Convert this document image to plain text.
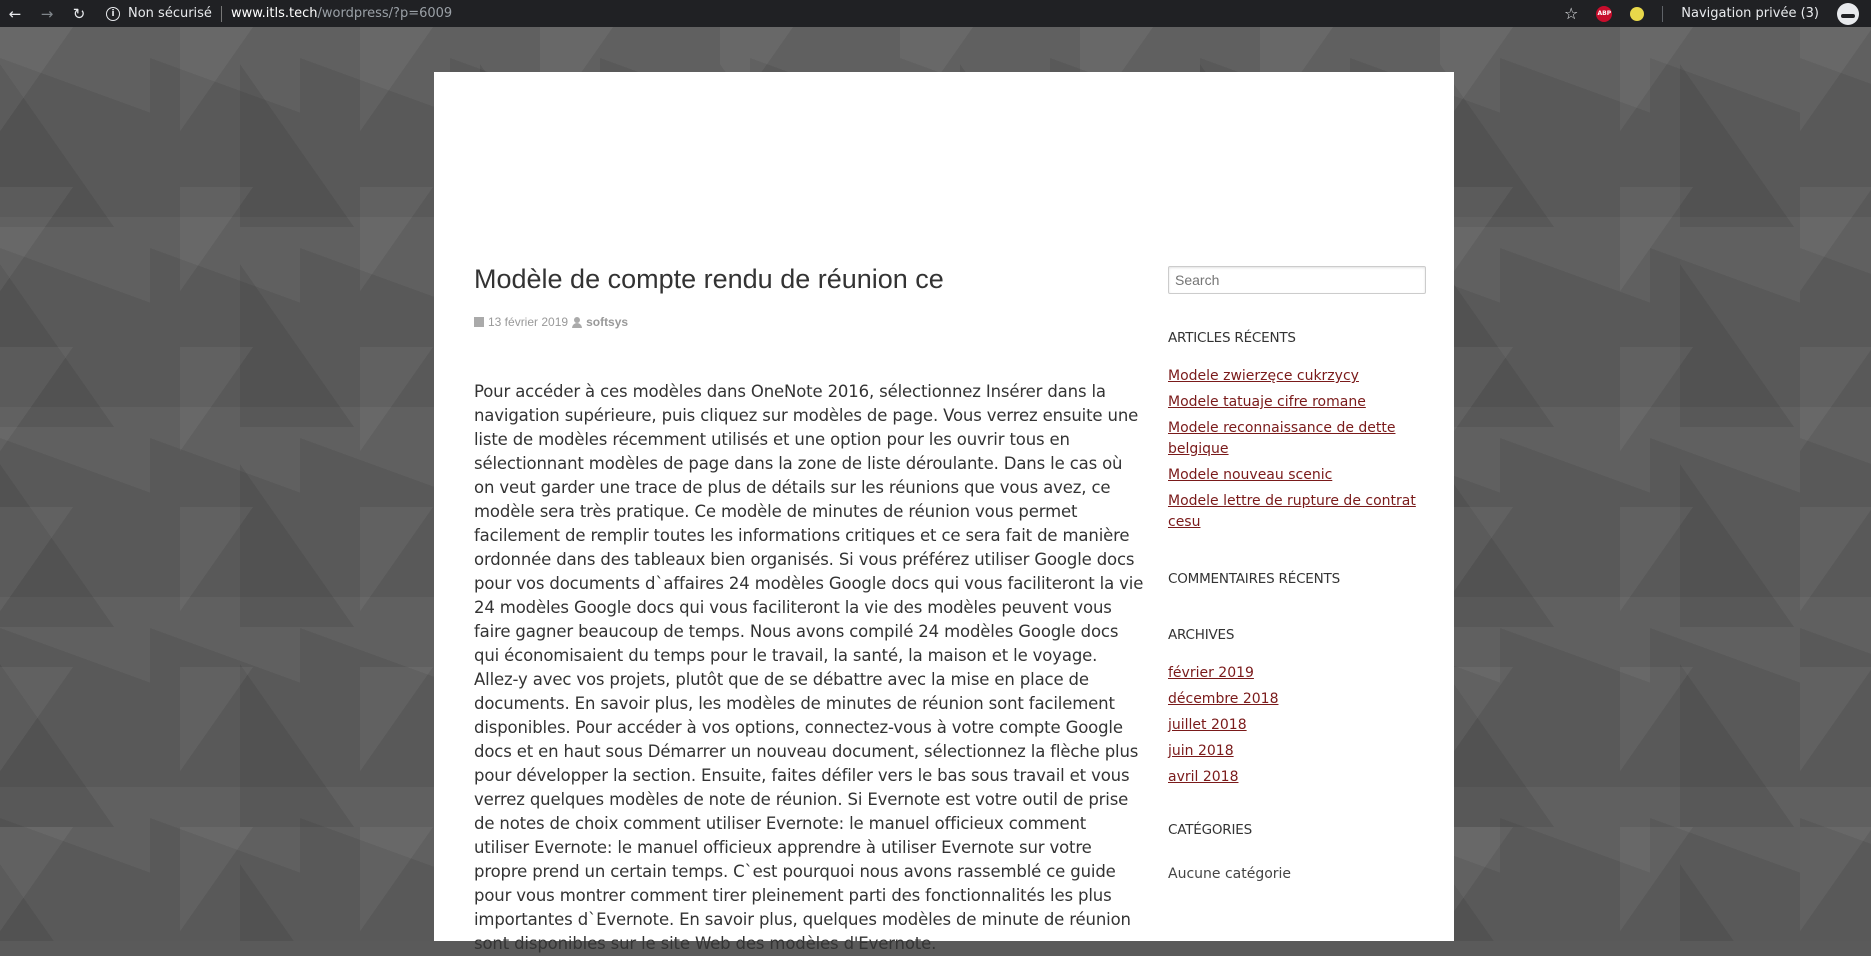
← → ↻	i	Non sécurisé www.itls.tech /wordpress/?p=6009	☆	ABP	Navigation privée (3)
Modèle de compte rendu de réunion ce
13 février 2019 softsys
Pour accéder à ces modèles dans OneNote 2016, sélectionnez Insérer dans la navigation supérieure, puis cliquez sur modèles de page. Vous verrez ensuite une liste de modèles récemment utilisés et une option pour les ouvrir tous en sélectionnant modèles de page dans la zone de liste déroulante. Dans le cas où on veut garder une trace de plus de détails sur les réunions que vous avez, ce modèle sera très pratique. Ce modèle de minutes de réunion vous permet facilement de remplir toutes les informations critiques et ce sera fait de manière ordonnée dans des tableaux bien organisés. Si vous préférez utiliser Google docs pour vos documents d`affaires 24 modèles Google docs qui vous faciliteront la vie 24 modèles Google docs qui vous faciliteront la vie des modèles peuvent vous faire gagner beaucoup de temps. Nous avons compilé 24 modèles Google docs qui économisaient du temps pour le travail, la santé, la maison et le voyage. Allez-y avec vos projets, plutôt que de se débattre avec la mise en place de documents. En savoir plus, les modèles de minutes de réunion sont facilement disponibles. Pour accéder à vos options, connectez-vous à votre compte Google docs et en haut sous Démarrer un nouveau document, sélectionnez la flèche plus pour développer la section. Ensuite, faites défiler vers le bas sous travail et vous verrez quelques modèles de note de réunion. Si Evernote est votre outil de prise de notes de choix comment utiliser Evernote: le manuel officieux comment utiliser Evernote: le manuel officieux apprendre à utiliser Evernote sur votre propre prend un certain temps. C`est pourquoi nous avons rassemblé ce guide pour vous montrer comment tirer pleinement parti des fonctionnalités les plus importantes d`Evernote. En savoir plus, quelques modèles de minute de réunion sont disponibles sur le site Web des modèles d'Evernote.
Search
ARTICLES RÉCENTS
Modele zwierzęce cukrzycy
Modele tatuaje cifre romane
Modele reconnaissance de dette belgique
Modele nouveau scenic
Modele lettre de rupture de contrat cesu
COMMENTAIRES RÉCENTS
ARCHIVES
février 2019
décembre 2018
juillet 2018
juin 2018
avril 2018
CATÉGORIES
Aucune catégorie
